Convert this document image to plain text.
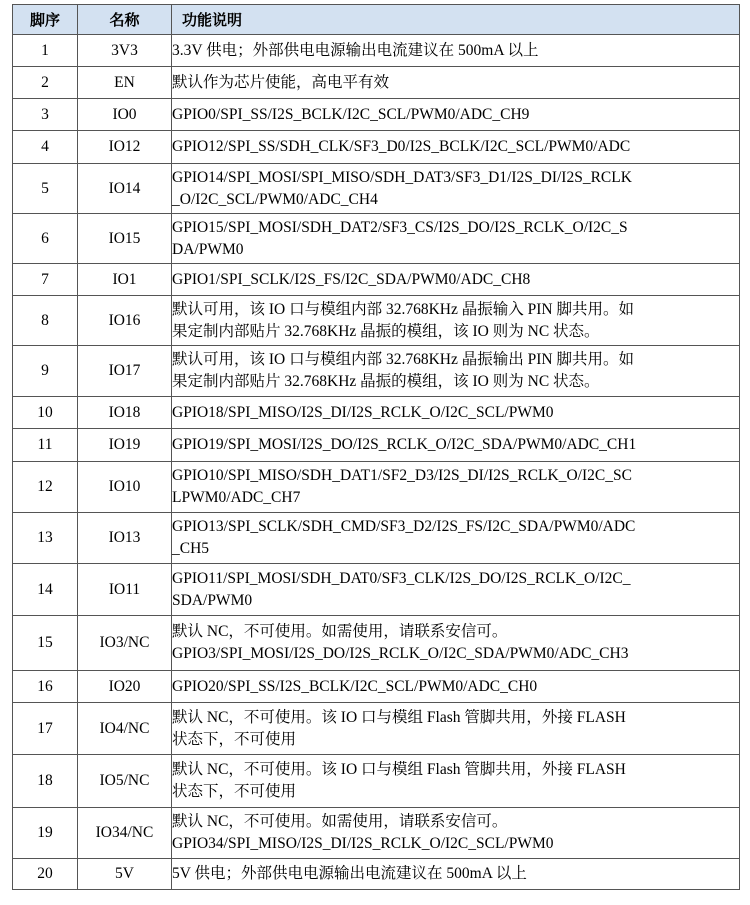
脚序	名称	功能说明
1	3V3	3.3V 供电；外部供电电源输出电流建议在 500mA 以上

2	EN	默认作为芯片使能，高电平有效

3	IO0	GPIO0/SPI_SS/I2S_BCLK/I2C_SCL/PWM0/ADC_CH9

4	IO12	GPIO12/SPI_SS/SDH_CLK/SF3_D0/I2S_BCLK/I2C_SCL/PWM0/ADC

5	IO14	GPIO14/SPI_MOSI/SPI_MISO/SDH_DAT3/SF3_D1/I2S_DI/I2S_RCLK
_O/I2C_SCL/PWM0/ADC_CH4

6	IO15	GPIO15/SPI_MOSI/SDH_DAT2/SF3_CS/I2S_DO/I2S_RCLK_O/I2C_S
DA/PWM0

7	IO1	GPIO1/SPI_SCLK/I2S_FS/I2C_SDA/PWM0/ADC_CH8

8	IO16	默认可用，该 IO 口与模组内部 32.768KHz 晶振输入 PIN 脚共用。如
果定制内部贴片 32.768KHz 晶振的模组，该 IO 则为 NC 状态。

9	IO17	默认可用，该 IO 口与模组内部 32.768KHz 晶振输出 PIN 脚共用。如
果定制内部贴片 32.768KHz 晶振的模组，该 IO 则为 NC 状态。

10	IO18	GPIO18/SPI_MISO/I2S_DI/I2S_RCLK_O/I2C_SCL/PWM0

11	IO19	GPIO19/SPI_MOSI/I2S_DO/I2S_RCLK_O/I2C_SDA/PWM0/ADC_CH1

12	IO10	GPIO10/SPI_MISO/SDH_DAT1/SF2_D3/I2S_DI/I2S_RCLK_O/I2C_SC
LPWM0/ADC_CH7

13	IO13	GPIO13/SPI_SCLK/SDH_CMD/SF3_D2/I2S_FS/I2C_SDA/PWM0/ADC
_CH5

14	IO11	GPIO11/SPI_MOSI/SDH_DAT0/SF3_CLK/I2S_DO/I2S_RCLK_O/I2C_
SDA/PWM0

15	IO3/NC	默认 NC，不可使用。如需使用，请联系安信可。
GPIO3/SPI_MOSI/I2S_DO/I2S_RCLK_O/I2C_SDA/PWM0/ADC_CH3

16	IO20	GPIO20/SPI_SS/I2S_BCLK/I2C_SCL/PWM0/ADC_CH0

17	IO4/NC	默认 NC，不可使用。该 IO 口与模组 Flash 管脚共用，外接 FLASH
状态下，不可使用

18	IO5/NC	默认 NC，不可使用。该 IO 口与模组 Flash 管脚共用，外接 FLASH
状态下，不可使用

19	IO34/NC	默认 NC，不可使用。如需使用，请联系安信可。
GPIO34/SPI_MISO/I2S_DI/I2S_RCLK_O/I2C_SCL/PWM0

20	5V	5V 供电；外部供电电源输出电流建议在 500mA 以上
